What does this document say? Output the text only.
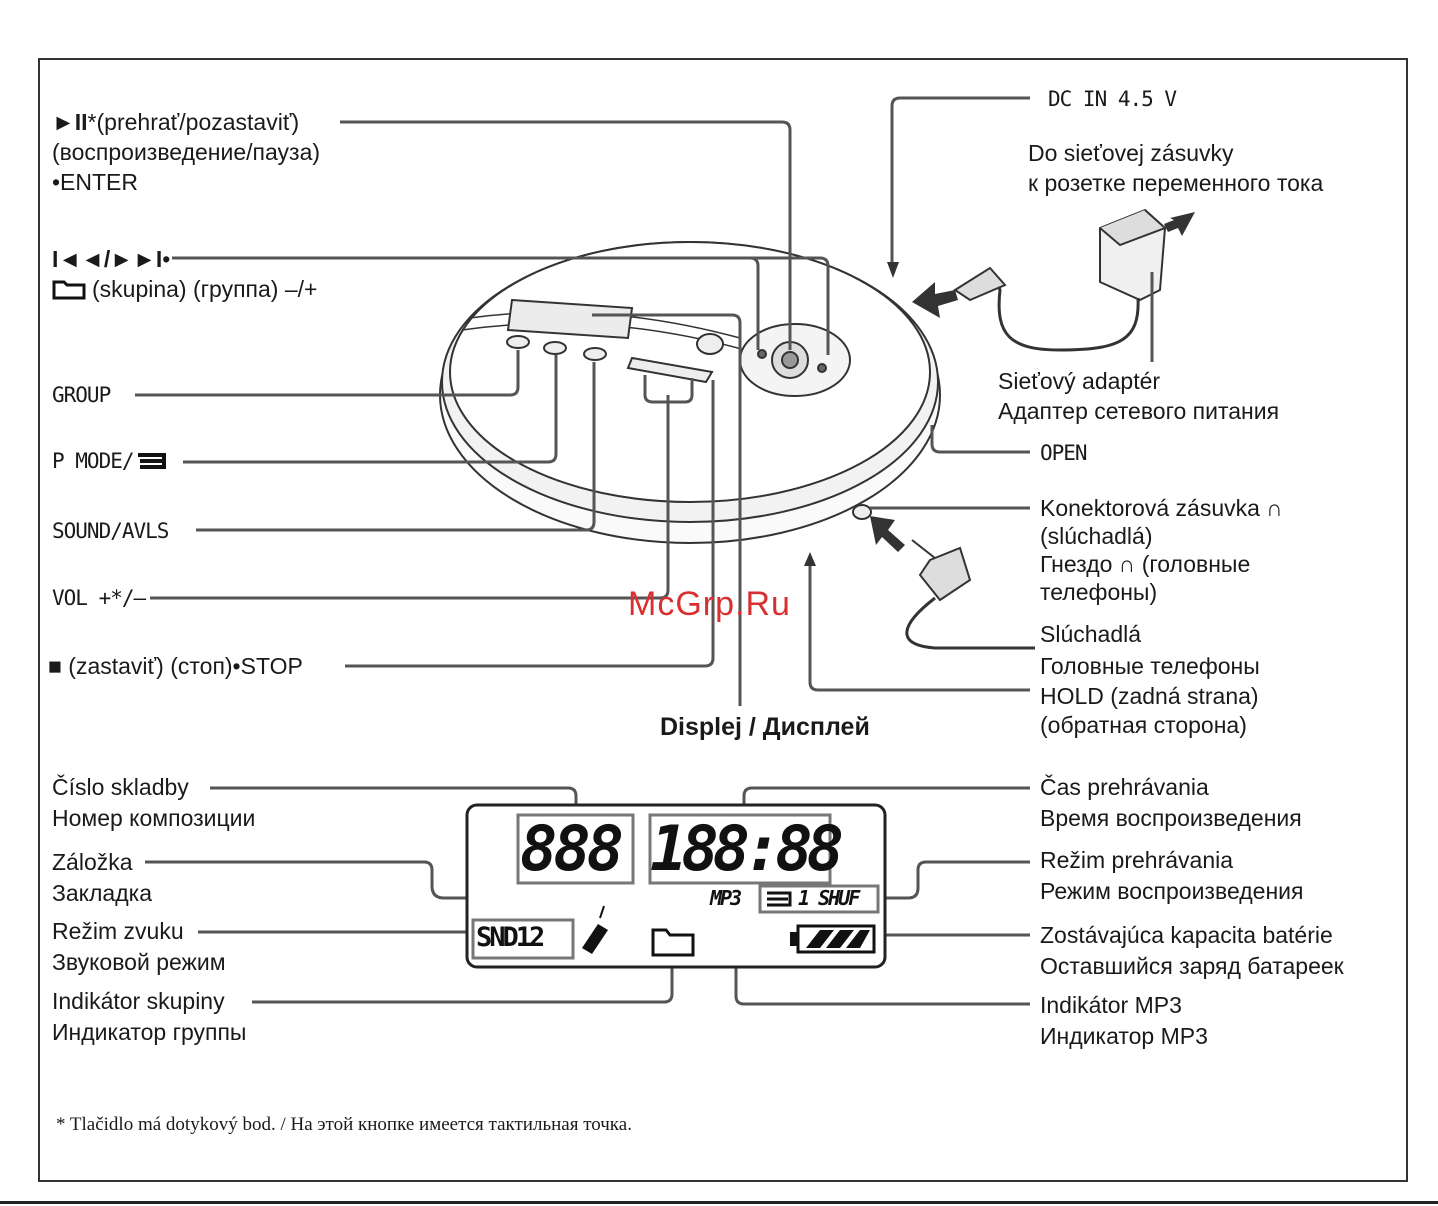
888 188:88
MP3	1 SHUF
SND12
►II*(prehrať/pozastaviť)
(воспроизведение/пауза)
•ENTER
I◄◄/►►I•
(skupina) (группа) –/+
GROUP
P MODE/
SOUND/AVLS
VOL +*/–
■ (zastaviť) (стоп)•STOP
Displej / Дисплей
DC IN 4.5 V
Do sieťovej zásuvky
к розетке переменного тока
Sieťový adaptér
Адаптер сетевого питания
OPEN
Konektorová zásuvka ∩
(slúchadlá)
Гнездо ∩ (головные
телефоны)
Slúchadlá
Головные телефоны
HOLD (zadná strana)
(обратная сторона)
Číslo skladby
Номер композиции
Záložka
Закладка
Režim zvuku
Звуковой режим
Indikátor skupiny
Индикатор группы
Čas prehrávania
Время воспроизведения
Režim prehrávania
Режим воспроизведения
Zostávajúca kapacita batérie
Оставшийся заряд батареек
Indikátor MP3
Индикатор MP3
* Tlačidlo má dotykový bod. / На этой кнопке имеется тактильная точка.
McGrp.Ru
